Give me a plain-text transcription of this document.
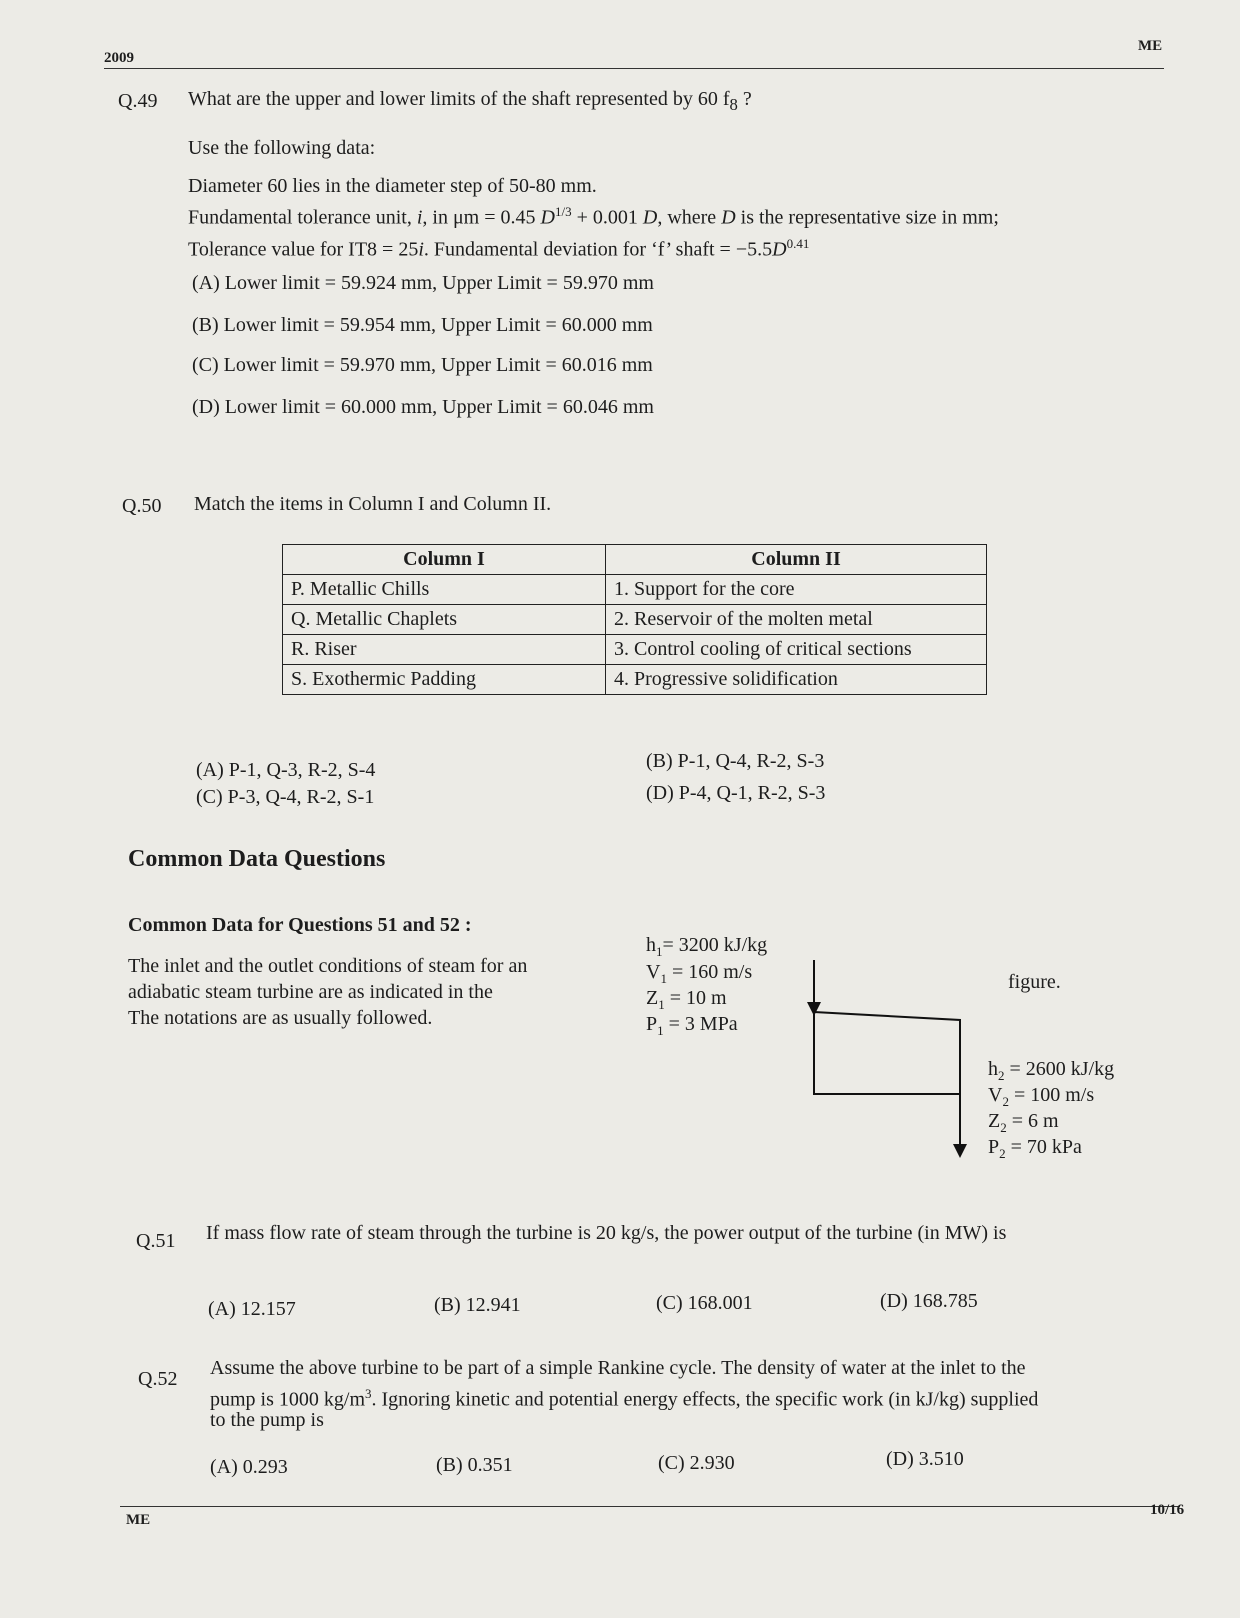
2009
ME
Q.49 What are the upper and lower limits of the shaft represented by 60 $f_8$ ?
Use the following data:
Diameter 60 lies in the diameter step of 50-80 mm.
Fundamental tolerance unit, i, in μm = 0.45 $D^{1/3} + 0.001$ D, where D is the representative size in mm;
Tolerance value for IT8 = 25i. Fundamental deviation for ‘f’ shaft = $-5.5D^{0.41}$
(A) Lower limit = 59.924 mm, Upper Limit = 59.970 mm
(B) Lower limit = 59.954 mm, Upper Limit = 60.000 mm
(C) Lower limit = 59.970 mm, Upper Limit = 60.016 mm
(D) Lower limit = 60.000 mm, Upper Limit = 60.046 mm
Q.50 Match the items in Column I and Column II.
Column I	Column II
P. Metallic Chills	1. Support for the core
Q. Metallic Chaplets	2. Reservoir of the molten metal
R. Riser	3. Control cooling of critical sections
S. Exothermic Padding	4. Progressive solidification
(A) P-1, Q-3, R-2, S-4	(B) P-1, Q-4, R-2, S-3
(C) P-3, Q-4, R-2, S-1	(D) P-4, Q-1, R-2, S-3
Common Data Questions
Common Data for Questions 51 and 52 :
The inlet and the outlet conditions of steam for an
adiabatic steam turbine are as indicated in the
The notations are as usually followed.
figure.
$h_1= 3200$ kJ/kg
$V_1 = 160$ m/s
$Z_1 = 10$ m
$P_1 = 3$ MPa
$h_2 = 2600$ kJ/kg
$V_2 = 100$ m/s
$Z_2 = 6$ m
$P_2 = 70$ kPa
Q.51 If mass flow rate of steam through the turbine is 20 kg/s, the power output of the turbine (in MW) is
(A) 12.157	(B) 12.941	(C) 168.001	(D) 168.785
Q.52 Assume the above turbine to be part of a simple Rankine cycle. The density of water at the inlet to the
pump is 1000 $kg/m^3$. Ignoring kinetic and potential energy effects, the specific work (in kJ/kg) supplied
to the pump is
(A) 0.293	(B) 0.351	(C) 2.930	(D) 3.510
ME
10/16
